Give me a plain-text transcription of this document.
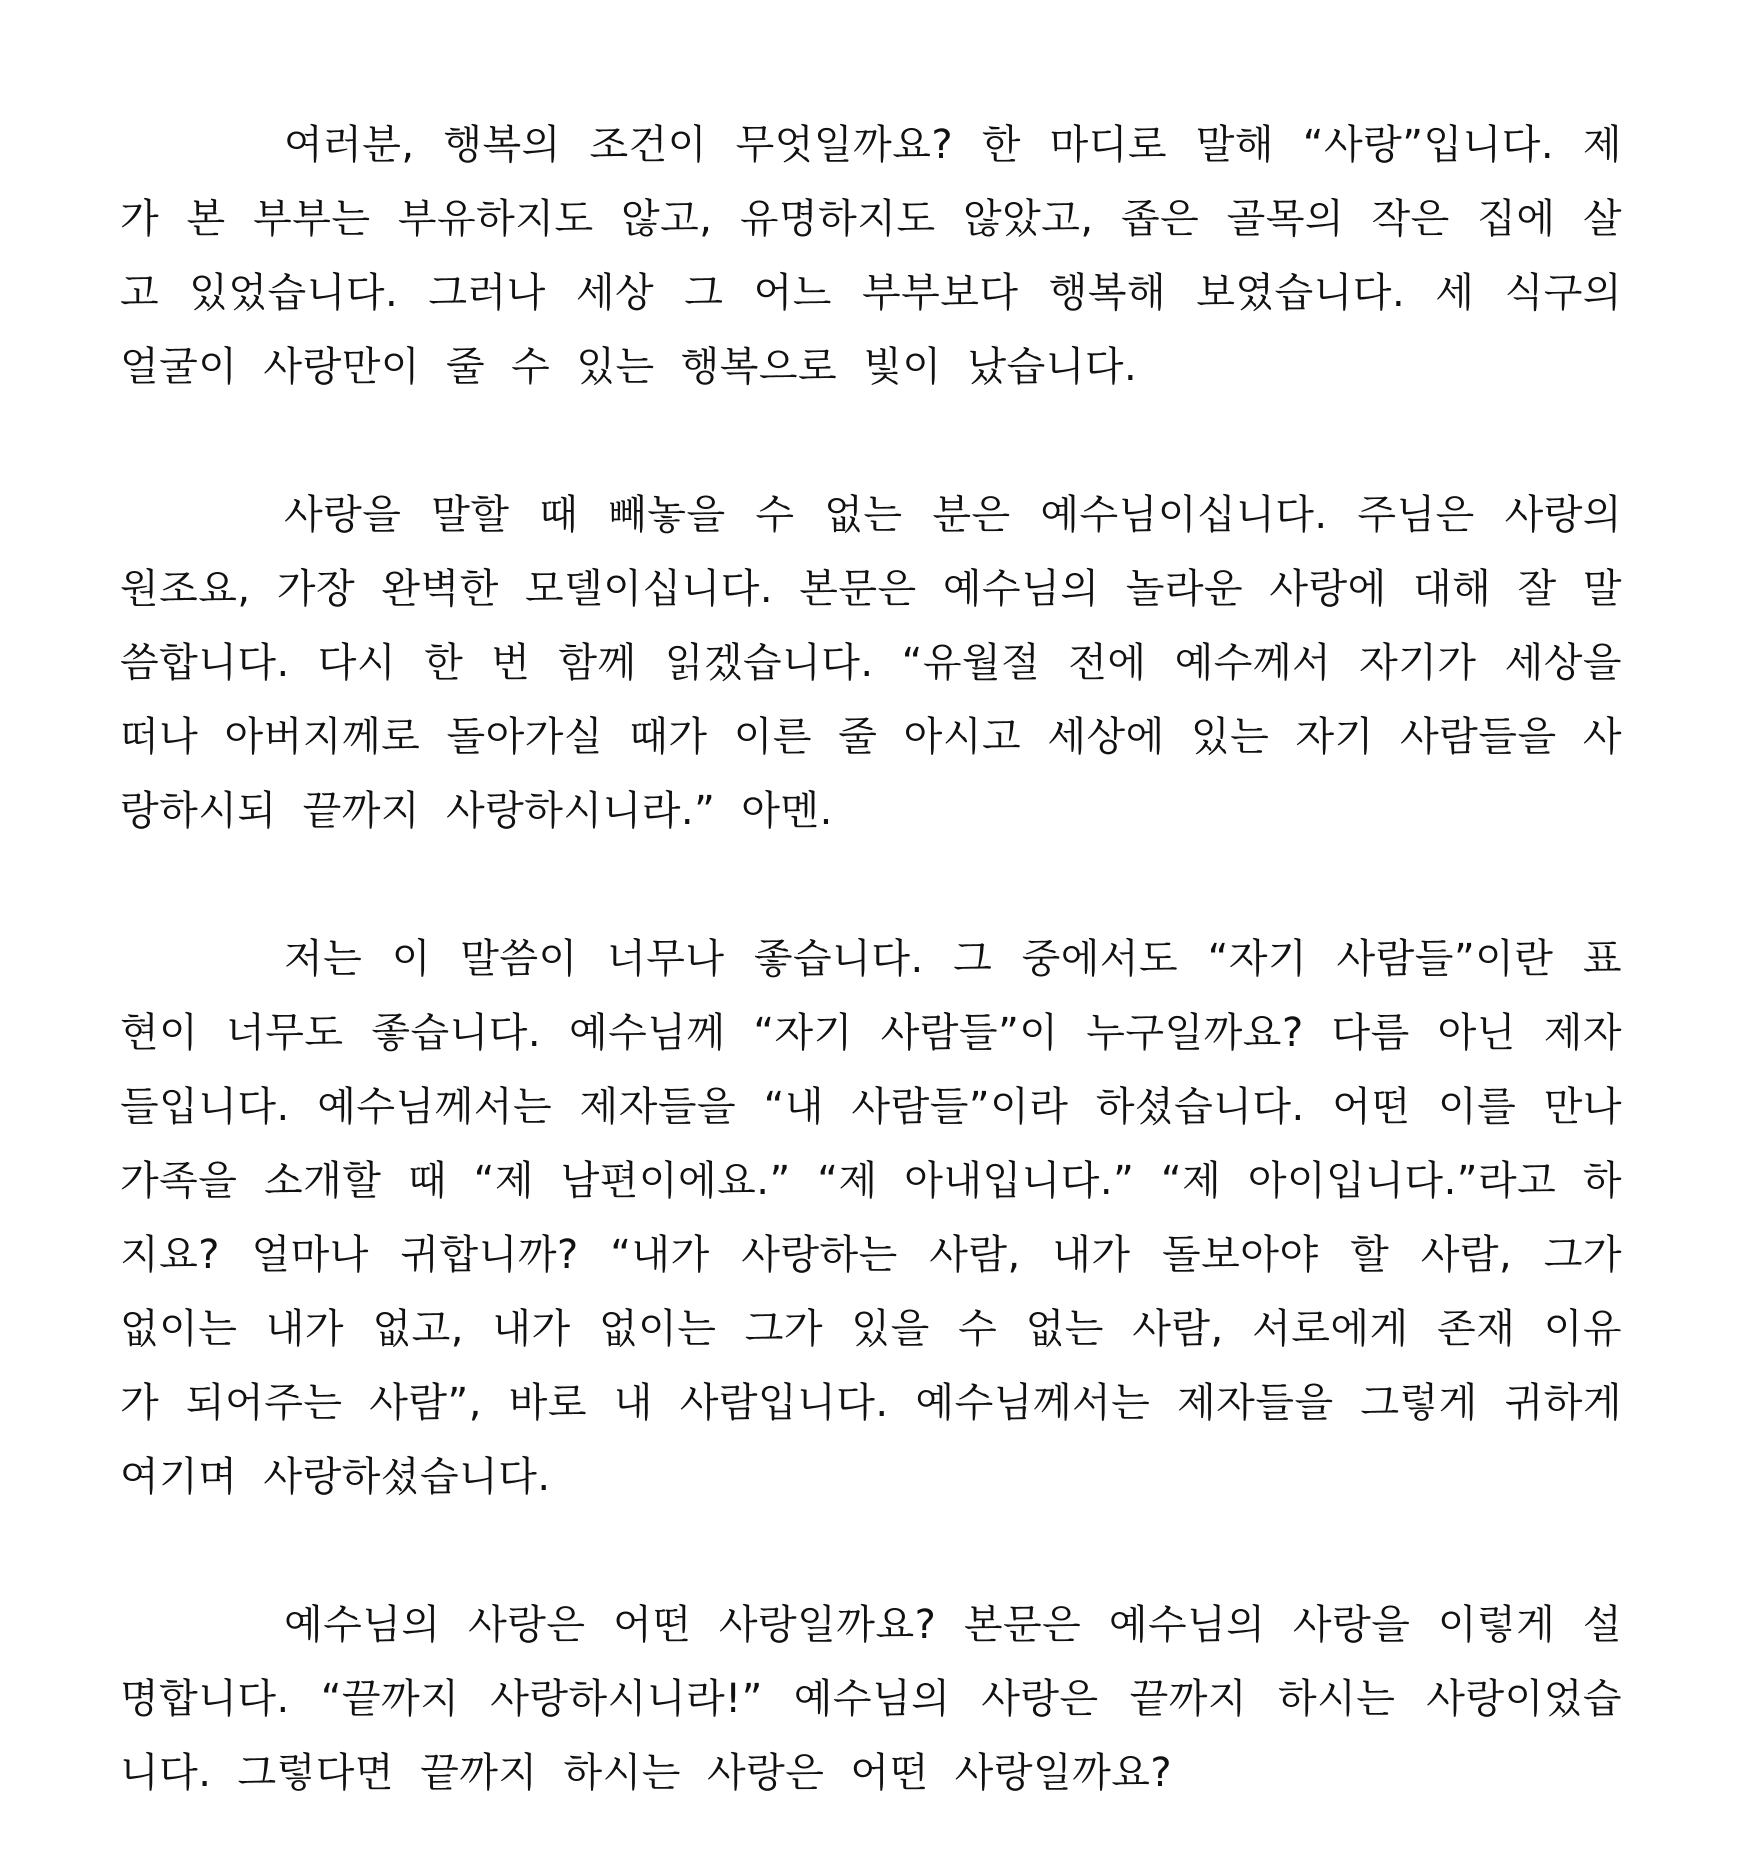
여러분, 행복의 조건이 무엇일까요? 한 마디로 말해 “사랑”입니다. 제가 본 부부는 부유하지도 않고, 유명하지도 않았고, 좁은 골목의 작은 집에 살고 있었습니다. 그러나 세상 그 어느 부부보다 행복해 보였습니다. 세 식구의 얼굴이 사랑만이 줄 수 있는 행복으로 빛이 났습니다.

사랑을 말할 때 빼놓을 수 없는 분은 예수님이십니다. 주님은 사랑의 원조요, 가장 완벽한 모델이십니다. 본문은 예수님의 놀라운 사랑에 대해 잘 말씀합니다. 다시 한 번 함께 읽겠습니다. “유월절 전에 예수께서 자기가 세상을 떠나 아버지께로 돌아가실 때가 이른 줄 아시고 세상에 있는 자기 사람들을 사랑하시되 끝까지 사랑하시니라.” 아멘.

저는 이 말씀이 너무나 좋습니다. 그 중에서도 “자기 사람들”이란 표현이 너무도 좋습니다. 예수님께 “자기 사람들”이 누구일까요? 다름 아닌 제자들입니다. 예수님께서는 제자들을 “내 사람들”이라 하셨습니다. 어떤 이를 만나 가족을 소개할 때 “제 남편이에요.” “제 아내입니다.” “제 아이입니다.”라고 하지요? 얼마나 귀합니까? “내가 사랑하는 사람, 내가 돌보아야 할 사람, 그가 없이는 내가 없고, 내가 없이는 그가 있을 수 없는 사람, 서로에게 존재 이유가 되어주는 사람”, 바로 내 사람입니다. 예수님께서는 제자들을 그렇게 귀하게 여기며 사랑하셨습니다.

예수님의 사랑은 어떤 사랑일까요? 본문은 예수님의 사랑을 이렇게 설명합니다. “끝까지 사랑하시니라!” 예수님의 사랑은 끝까지 하시는 사랑이었습니다. 그렇다면 끝까지 하시는 사랑은 어떤 사랑일까요?
